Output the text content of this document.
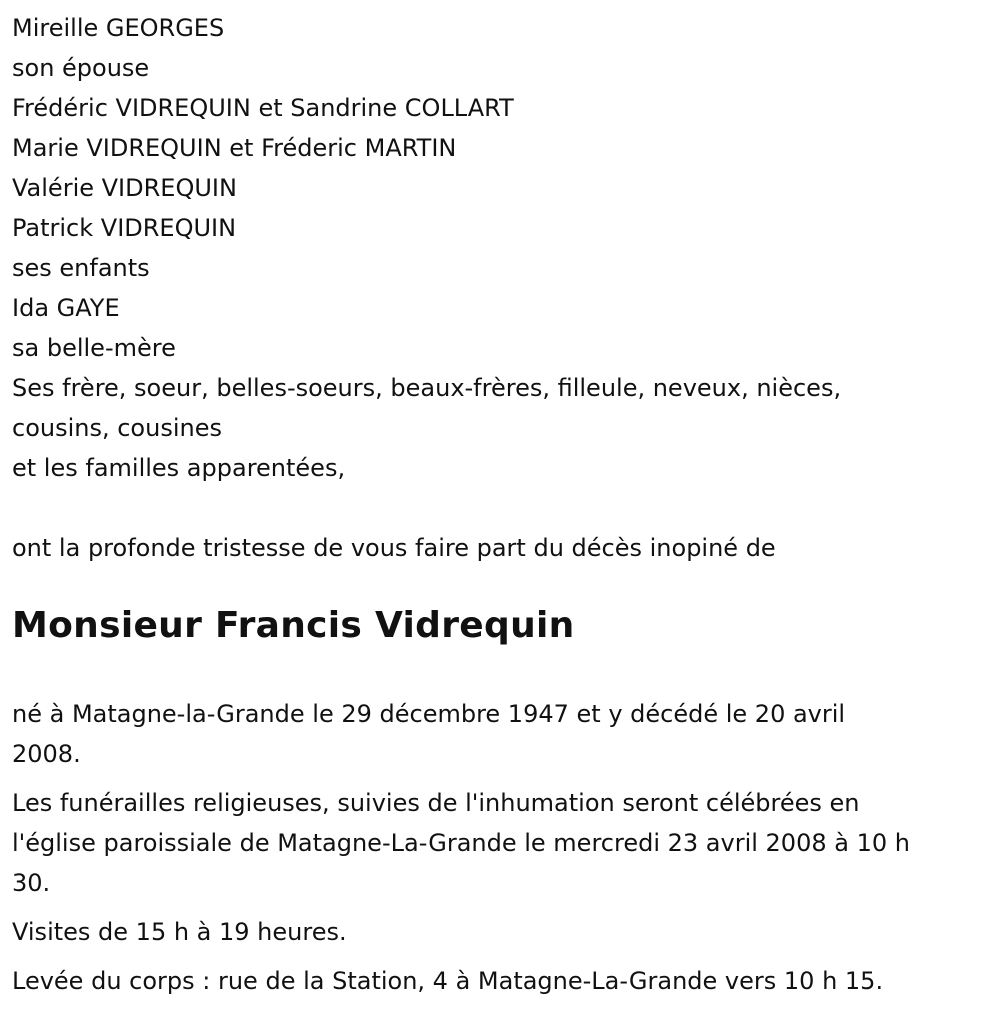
Mireille GEORGES

son épouse

Frédéric VIDREQUIN et Sandrine COLLART

Marie VIDREQUIN et Fréderic MARTIN

Valérie VIDREQUIN

Patrick VIDREQUIN

ses enfants

Ida GAYE

sa belle-mère

Ses frère, soeur, belles-soeurs, beaux-frères, filleule, neveux, nièces,

cousins, cousines

et les familles apparentées,

ont la profonde tristesse de vous faire part du décès inopiné de

Monsieur Francis Vidrequin
né à Matagne-la-Grande le 29 décembre 1947 et y décédé le 20 avril
2008.
Les funérailles religieuses, suivies de l'inhumation seront célébrées en
l'église paroissiale de Matagne-La-Grande le mercredi 23 avril 2008 à 10 h
30.
Visites de 15 h à 19 heures.
Levée du corps : rue de la Station, 4 à Matagne-La-Grande vers 10 h 15.
